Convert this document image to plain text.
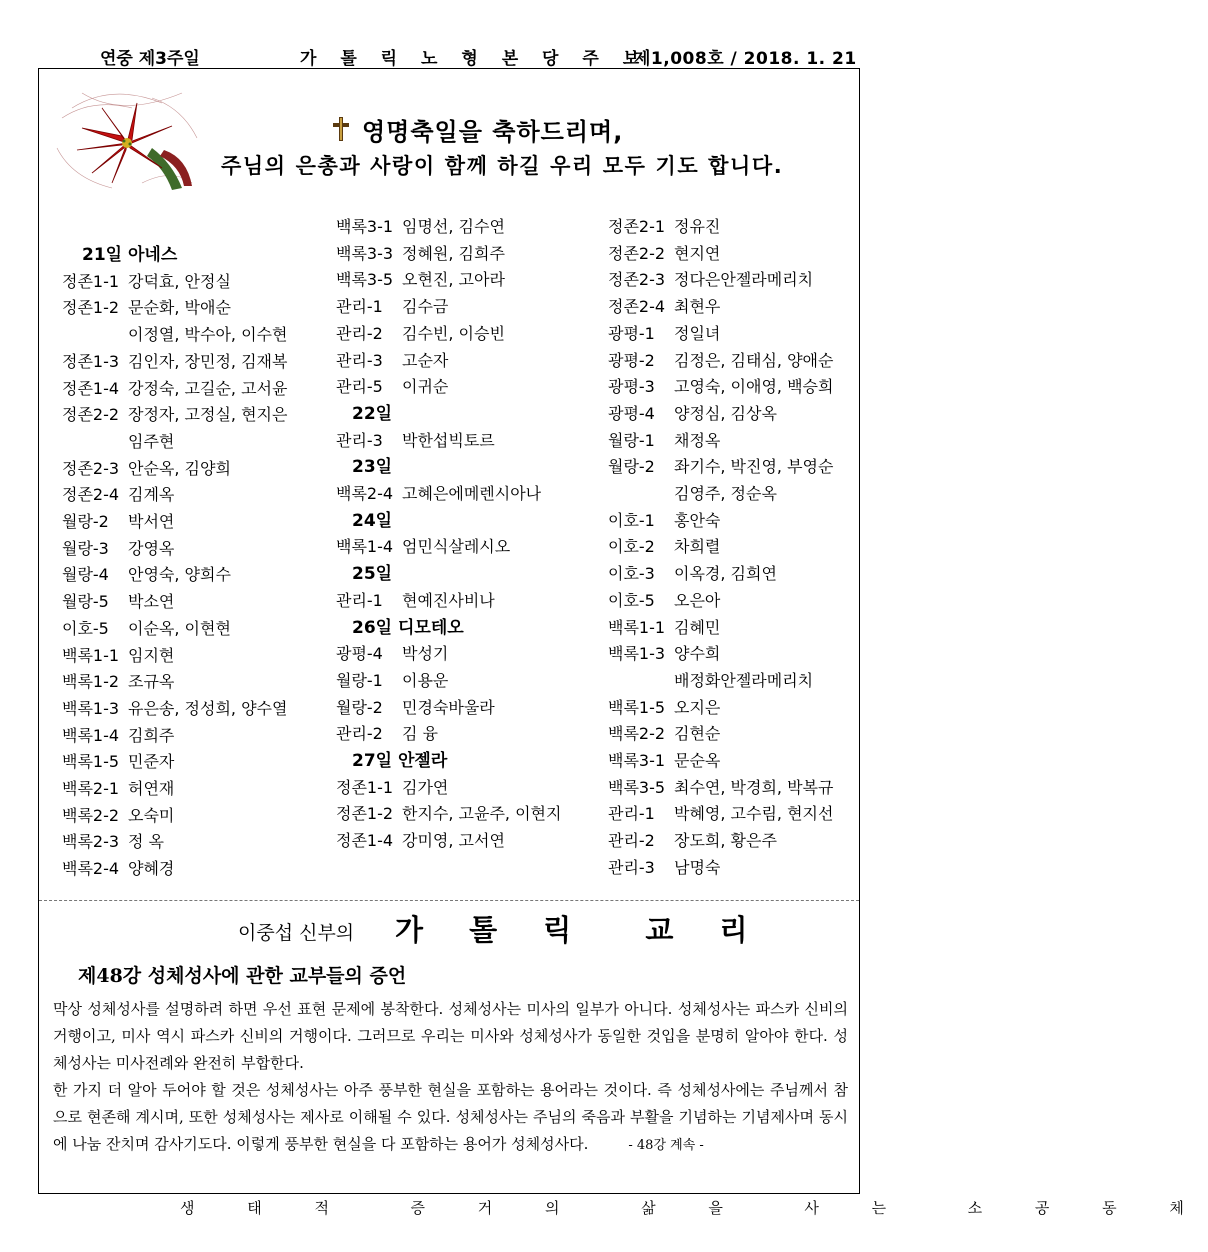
연중 제3주일	가 톨 릭 노 형 본 당 주 보
제1,008호 / 2018. 1. 21
영명축일을 축하드리며,
주님의 은총과 사랑이 함께 하길 우리 모두 기도 합니다.
21일 아네스
정존1-1 강덕효, 안정실
정존1-2 문순화, 박애순
이정열, 박수아, 이수현
정존1-3 김인자, 장민정, 김재복
정존1-4 강정숙, 고길순, 고서윤
정존2-2 장정자, 고정실, 현지은
임주현
정존2-3 안순옥, 김양희
정존2-4 김계옥
월랑-2	박서연
월랑-3	강영옥
월랑-4	안영숙, 양희수
월랑-5	박소연
이호-5	이순옥, 이현현
백록1-1 임지현
백록1-2 조규옥
백록1-3 유은송, 정성희, 양수열
백록1-4 김희주
백록1-5 민준자
백록2-1 허연재
백록2-2 오숙미
백록2-3 정 옥
백록2-4 양혜경
백록3-1 임명선, 김수연
백록3-3 정혜원, 김희주
백록3-5 오현진, 고아라
관리-1	김수금
관리-2	김수빈, 이승빈
관리-3	고순자
관리-5	이귀순
22일
관리-3	박한섭빅토르
23일
백록2-4 고혜은에메렌시아나
24일
백록1-4 엄민식살레시오
25일
관리-1	현예진사비나
26일 디모테오
광평-4	박성기
월랑-1	이용운
월랑-2	민경숙바울라
관리-2	김 융
27일 안젤라
정존1-1 김가연
정존1-2 한지수, 고윤주, 이현지
정존1-4 강미영, 고서연
정존2-1 정유진
정존2-2 현지연
정존2-3 정다은안젤라메리치
정존2-4 최현우
광평-1	정일녀
광평-2	김정은, 김태심, 양애순
광평-3	고영숙, 이애영, 백승희
광평-4	양정심, 김상옥
월랑-1	채정옥
월랑-2	좌기수, 박진영, 부영순
김영주, 정순옥
이호-1	홍안숙
이호-2	차희렬
이호-3	이옥경, 김희연
이호-5	오은아
백록1-1 김혜민
백록1-3 양수희
배정화안젤라메리치
백록1-5 오지은
백록2-2 김현순
백록3-1 문순옥
백록3-5 최수연, 박경희, 박복규
관리-1	박혜영, 고수림, 현지선
관리-2	장도희, 황은주
관리-3	남명숙
이중섭 신부의 가 톨 릭  교 리
제48강 성체성사에 관한 교부들의 증언

막상 성체성사를 설명하려 하면 우선 표현 문제에 봉착한다. 성체성사는 미사의 일부가 아니다. 성체성사는 파스카 신비의 거행이고, 미사 역시 파스카 신비의 거행이다. 그러므로 우리는 미사와 성체성사가 동일한 것입을 분명히 알아야 한다. 성체성사는 미사전례와 완전히 부합한다.

한 가지 더 알아 두어야 할 것은 성체성사는 아주 풍부한 현실을 포함하는 용어라는 것이다. 즉 성체성사에는 주님께서 참으로 현존해 계시며, 또한 성체성사는 제사로 이해될 수 있다. 성체성사는 주님의 죽음과 부활을 기념하는 기념제사며 동시에 나눔 잔치며 감사기도다. 이렇게 풍부한 현실을 다 포함하는 용어가 성체성사다.	- 48강 계속 -

생 태 적  증 거 의  삶 을  사 는  소 공 동 체
